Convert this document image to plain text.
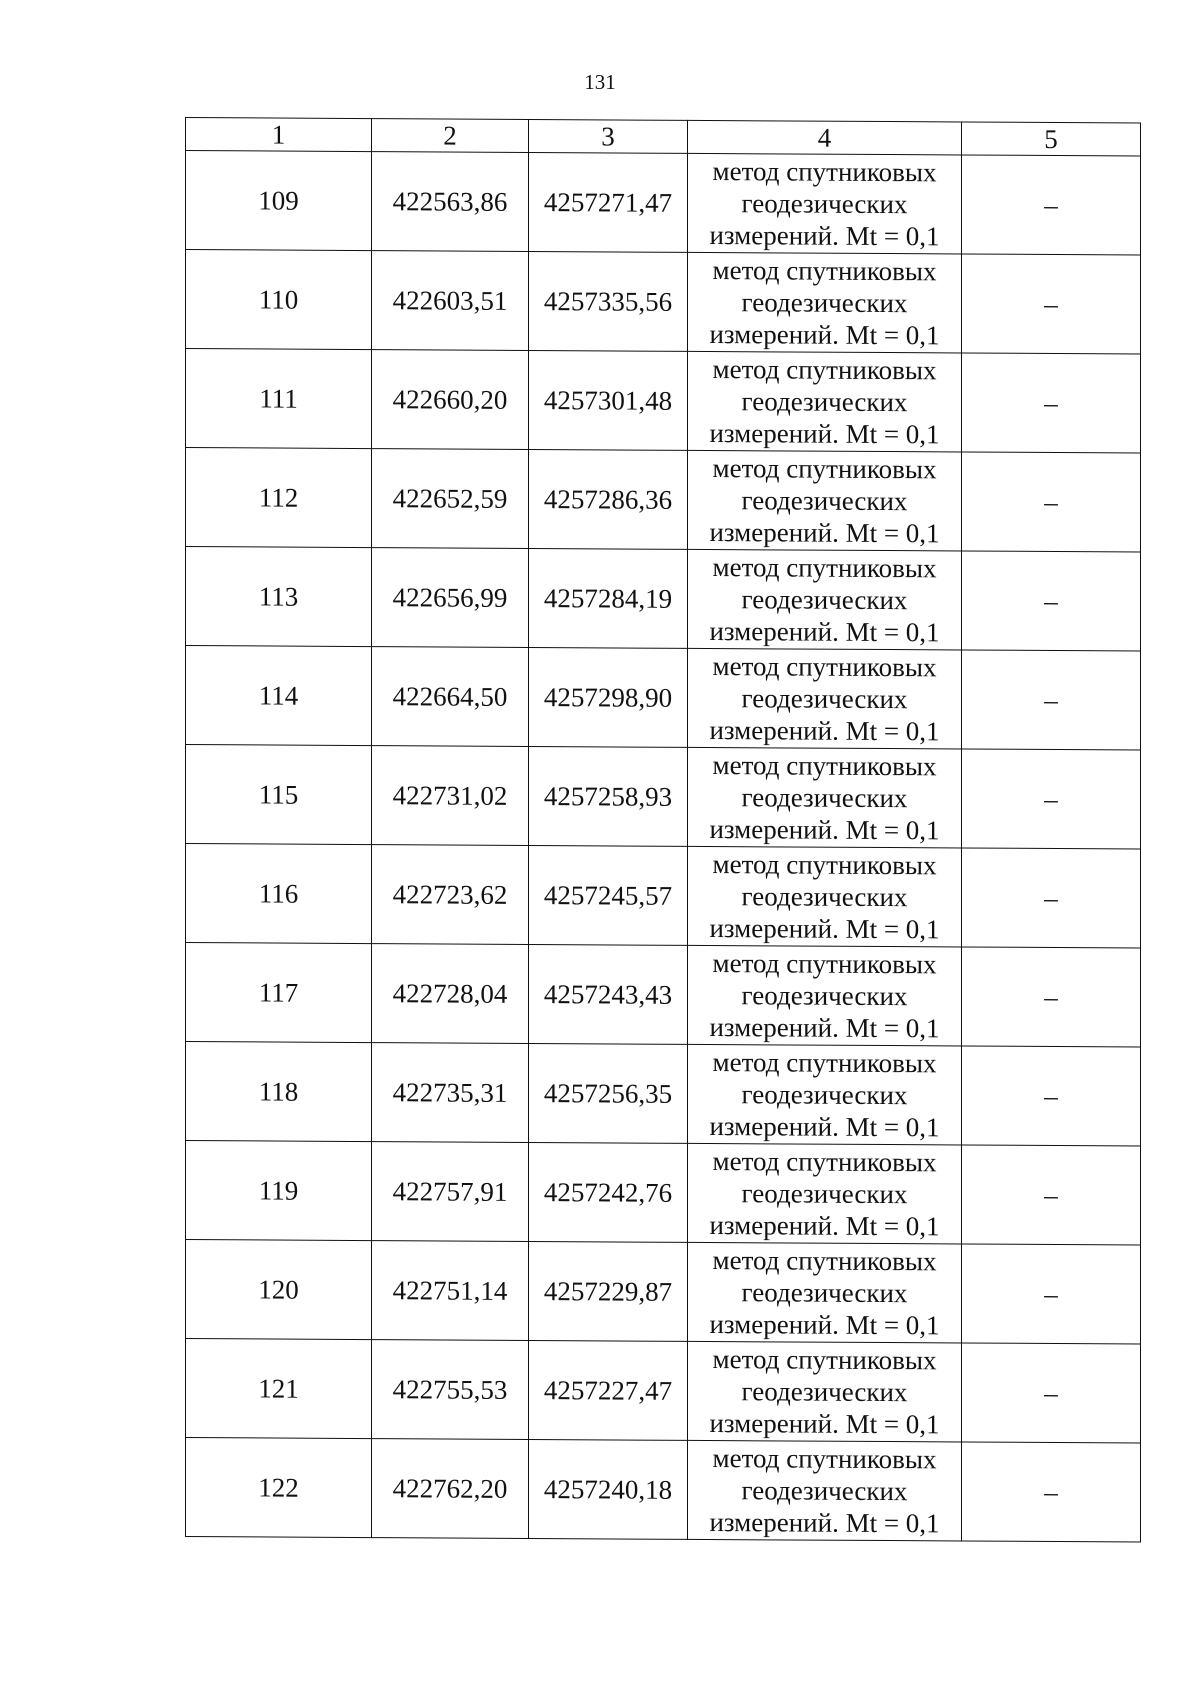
131
1	2	3	4	5
109	422563,86	4257271,47	метод спутниковых
геодезических
измерений. Mt = 0,1	–
110	422603,51	4257335,56	метод спутниковых
геодезических
измерений. Mt = 0,1	–
111	422660,20	4257301,48	метод спутниковых
геодезических
измерений. Mt = 0,1	–
112	422652,59	4257286,36	метод спутниковых
геодезических
измерений. Mt = 0,1	–
113	422656,99	4257284,19	метод спутниковых
геодезических
измерений. Mt = 0,1	–
114	422664,50	4257298,90	метод спутниковых
геодезических
измерений. Mt = 0,1	–
115	422731,02	4257258,93	метод спутниковых
геодезических
измерений. Mt = 0,1	–
116	422723,62	4257245,57	метод спутниковых
геодезических
измерений. Mt = 0,1	–
117	422728,04	4257243,43	метод спутниковых
геодезических
измерений. Mt = 0,1	–
118	422735,31	4257256,35	метод спутниковых
геодезических
измерений. Mt = 0,1	–
119	422757,91	4257242,76	метод спутниковых
геодезических
измерений. Mt = 0,1	–
120	422751,14	4257229,87	метод спутниковых
геодезических
измерений. Mt = 0,1	–
121	422755,53	4257227,47	метод спутниковых
геодезических
измерений. Mt = 0,1	–
122	422762,20	4257240,18	метод спутниковых
геодезических
измерений. Mt = 0,1	–
